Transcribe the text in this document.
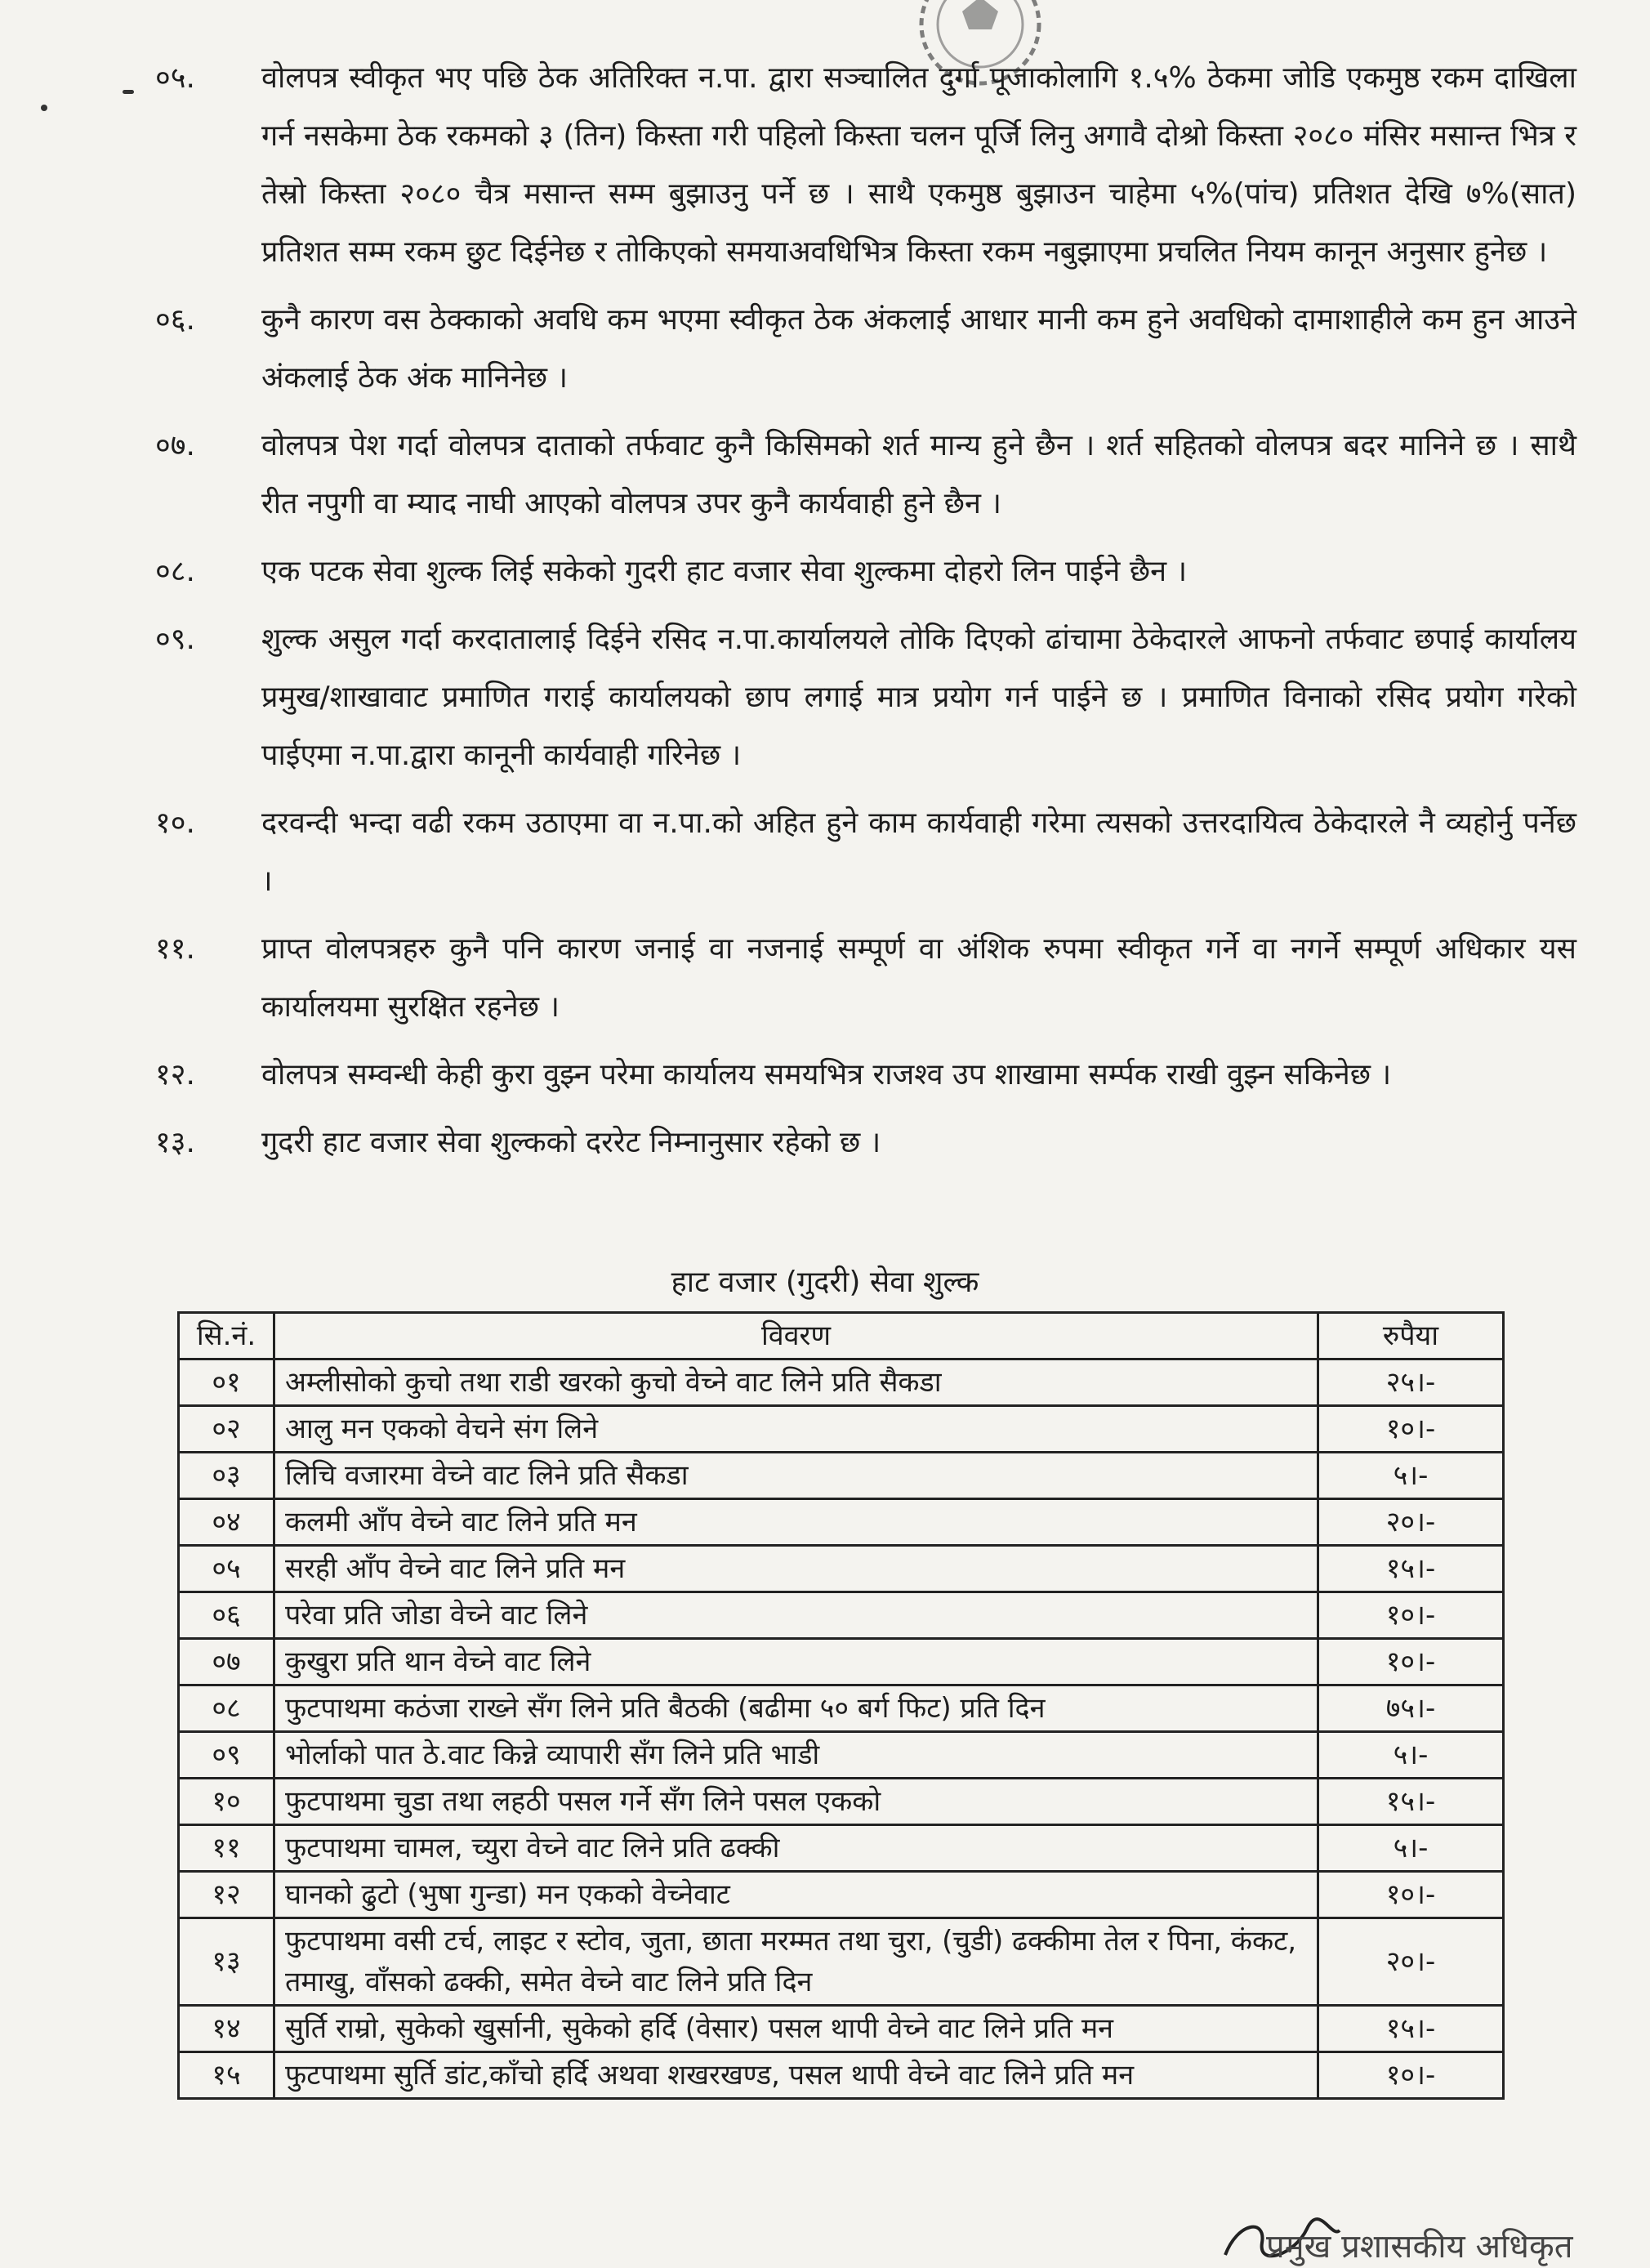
०५.	वोलपत्र स्वीकृत भए पछि ठेक अतिरिक्त न.पा. द्वारा सञ्चालित दुर्गा पूजाकोलागि १.५% ठेकमा जोडि एकमुष्ठ रकम दाखिला गर्न नसकेमा ठेक रकमको ३ (तिन) किस्ता गरी पहिलो किस्ता चलन पूर्जि लिनु अगावै दोश्रो किस्ता २०८० मंसिर मसान्त भित्र र तेस्रो किस्ता २०८० चैत्र मसान्त सम्म बुझाउनु पर्ने छ । साथै एकमुष्ठ बुझाउन चाहेमा ५%(पांच) प्रतिशत देखि ७%(सात) प्रतिशत सम्म रकम छुट दिईनेछ र तोकिएको समयाअवधिभित्र किस्ता रकम नबुझाएमा प्रचलित नियम कानून अनुसार हुनेछ ।
०६.	कुनै कारण वस ठेक्काको अवधि कम भएमा स्वीकृत ठेक अंकलाई आधार मानी कम हुने अवधिको दामाशाहीले कम हुन आउने अंकलाई ठेक अंक मानिनेछ ।
०७.	वोलपत्र पेश गर्दा वोलपत्र दाताको तर्फवाट कुनै किसिमको शर्त मान्य हुने छैन । शर्त सहितको वोलपत्र बदर मानिने छ । साथै रीत नपुगी वा म्याद नाघी आएको वोलपत्र उपर कुनै कार्यवाही हुने छैन ।
०८.	एक पटक सेवा शुल्क लिई सकेको गुदरी हाट वजार सेवा शुल्कमा दोहरो लिन पाईने छैन ।
०९.	शुल्क असुल गर्दा करदातालाई दिईने रसिद न.पा.कार्यालयले तोकि दिएको ढांचामा ठेकेदारले आफनो तर्फवाट छपाई कार्यालय प्रमुख/शाखावाट प्रमाणित गराई कार्यालयको छाप लगाई मात्र प्रयोग गर्न पाईने छ । प्रमाणित विनाको रसिद प्रयोग गरेको पाईएमा न.पा.द्वारा कानूनी कार्यवाही गरिनेछ ।
१०.	दरवन्दी भन्दा वढी रकम उठाएमा वा न.पा.को अहित हुने काम कार्यवाही गरेमा त्यसको उत्तरदायित्व ठेकेदारले नै व्यहोर्नु पर्नेछ ।
११.	प्राप्त वोलपत्रहरु कुनै पनि कारण जनाई वा नजनाई सम्पूर्ण वा अंशिक रुपमा स्वीकृत गर्ने वा नगर्ने सम्पूर्ण अधिकार यस कार्यालयमा सुरक्षित रहनेछ ।
१२.	वोलपत्र सम्वन्धी केही कुरा वुझ्न परेमा कार्यालय समयभित्र राजश्व उप शाखामा सर्म्पक राखी वुझ्न सकिनेछ ।
१३.	गुदरी हाट वजार सेवा शुल्कको दररेट निम्नानुसार रहेको छ ।
हाट वजार (गुदरी) सेवा शुल्क
सि.नं.	विवरण	रुपैया
०१	अम्लीसोको कुचो तथा राडी खरको कुचो वेच्ने वाट लिने प्रति सैकडा	२५।-
०२	आलु मन एकको वेचने संग लिने	१०।-
०३	लिचि वजारमा वेच्ने वाट लिने प्रति सैकडा	५।-
०४	कलमी आँप वेच्ने वाट लिने प्रति मन	२०।-
०५	सरही आँप वेच्ने वाट लिने प्रति मन	१५।-
०६	परेवा प्रति जोडा वेच्ने वाट लिने	१०।-
०७	कुखुरा प्रति थान वेच्ने वाट लिने	१०।-
०८	फुटपाथमा कठंजा राख्ने सँग लिने प्रति बैठकी (बढीमा ५० बर्ग फिट) प्रति दिन	७५।-
०९	भोर्लाको पात ठे.वाट किन्ने व्यापारी सँग लिने प्रति भाडी	५।-
१०	फुटपाथमा चुडा तथा लहठी पसल गर्ने सँग लिने पसल एकको	१५।-
११	फुटपाथमा चामल, च्युरा वेच्ने वाट लिने प्रति ढक्की	५।-
१२	घानको ढुटो (भुषा गुन्डा) मन एकको वेच्नेवाट	१०।-
१३	फुटपाथमा वसी टर्च, लाइट र स्टोव, जुता, छाता मरम्मत तथा चुरा, (चुडी) ढक्कीमा तेल र पिना, कंकट, तमाखु, वाँसको ढक्की, समेत वेच्ने वाट लिने प्रति दिन	२०।-
१४	सुर्ति राम्रो, सुकेको खुर्सानी, सुकेको हर्दि (वेसार) पसल थापी वेच्ने वाट लिने प्रति मन	१५।-
१५	फुटपाथमा सुर्ति डांट,काँचो हर्दि अथवा शखरखण्ड, पसल थापी वेच्ने वाट लिने प्रति मन	१०।-
प्रमुख प्रशासकीय अधिकृत
